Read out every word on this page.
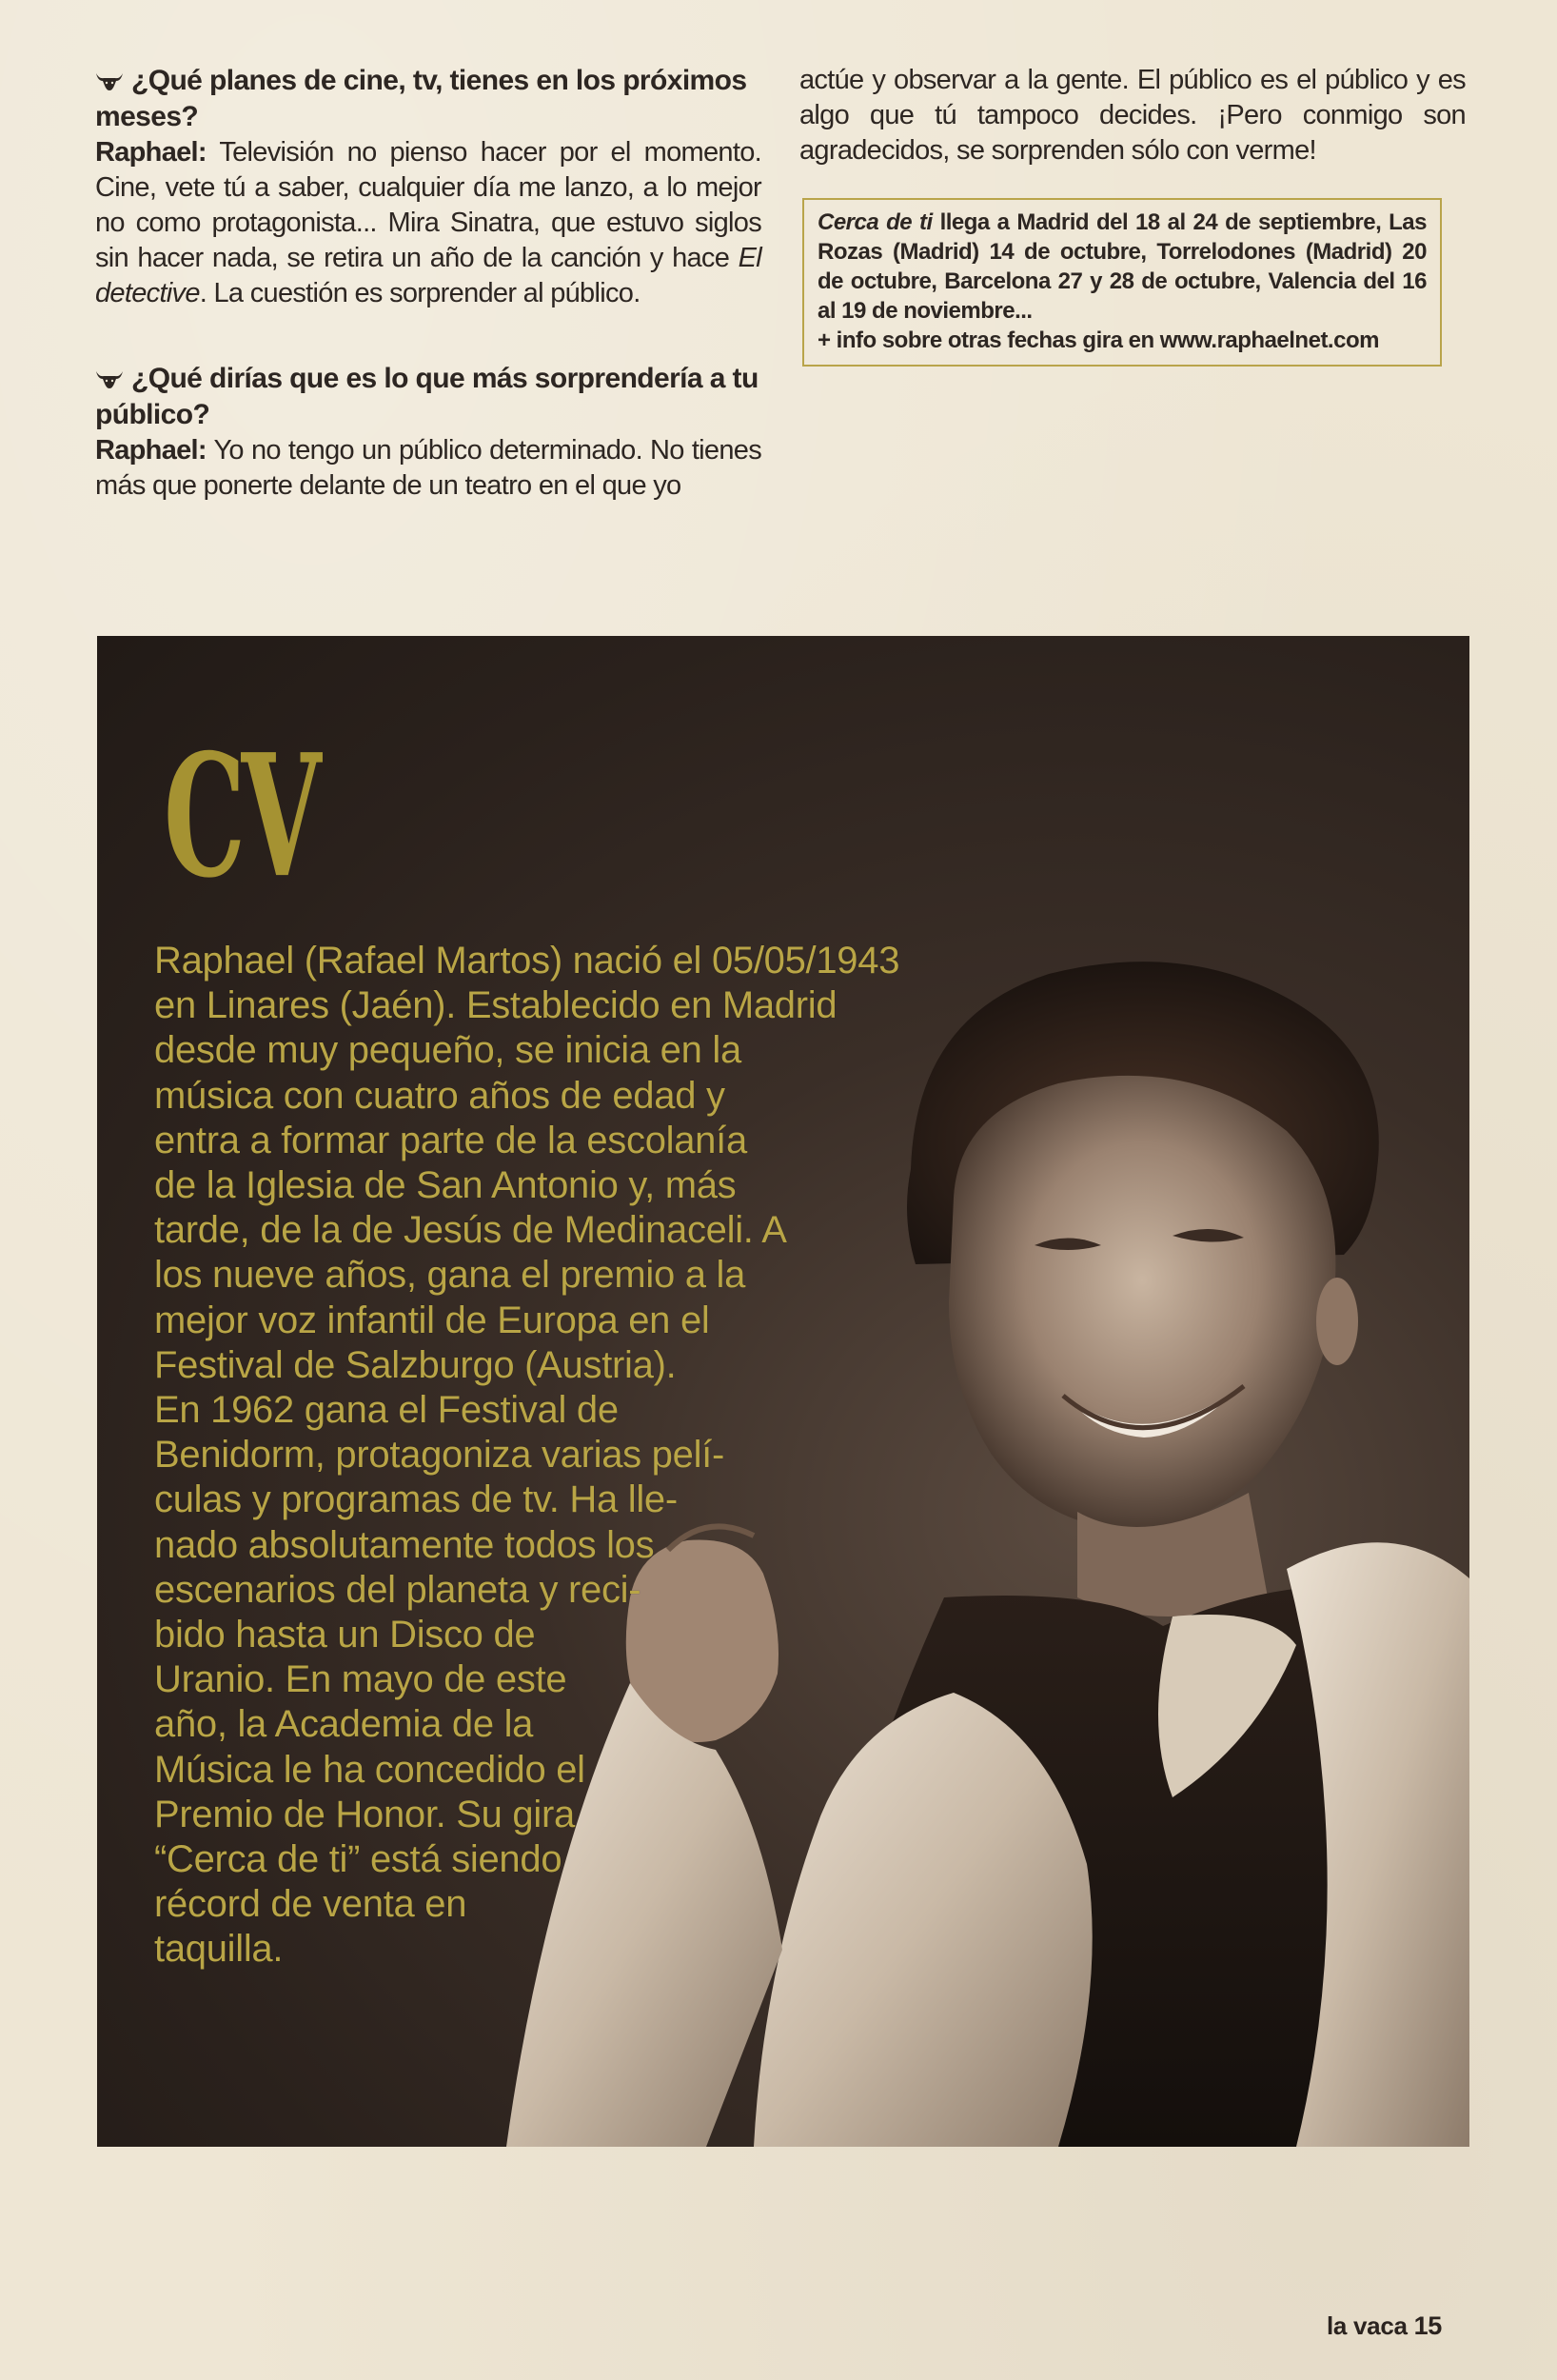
¿Qué planes de cine, tv, tienes en los próximos meses?

Raphael: Televisión no pienso hacer por el momento. Cine, vete tú a saber, cualquier día me lanzo, a lo mejor no como protagonista... Mira Sinatra, que estuvo siglos sin hacer nada, se retira un año de la canción y hace El detective. La cuestión es sorprender al público.

¿Qué dirías que es lo que más sorprendería a tu público?

Raphael: Yo no tengo un público determinado. No tienes más que ponerte delante de un teatro en el que yo

actúe y observar a la gente. El público es el público y es algo que tú tampoco decides. ¡Pero conmigo son agradecidos, se sorprenden sólo con verme!

Cerca de ti llega a Madrid del 18 al 24 de septiembre, Las Rozas (Madrid) 14 de octubre, Torrelodones (Madrid) 20 de octubre, Barcelona 27 y 28 de octubre, Valencia del 16 al 19 de noviembre...
+ info sobre otras fechas gira en www.raphaelnet.com
CV

Raphael (Rafael Martos) nació el 05/05/1943
en Linares (Jaén). Establecido en Madrid
desde muy pequeño, se inicia en la
música con cuatro años de edad y
entra a formar parte de la escolanía
de la Iglesia de San Antonio y, más
tarde, de la de Jesús de Medinaceli. A
los nueve años, gana el premio a la
mejor voz infantil de Europa en el
Festival de Salzburgo (Austria).
En 1962 gana el Festival de
Benidorm, protagoniza varias pelí-
culas y programas de tv. Ha lle-
nado absolutamente todos los
escenarios del planeta y reci-
bido hasta un Disco de
Uranio. En mayo de este
año, la Academia de la
Música le ha concedido el
Premio de Honor. Su gira
“Cerca de ti” está siendo
récord de venta en
taquilla.

la vaca 15
